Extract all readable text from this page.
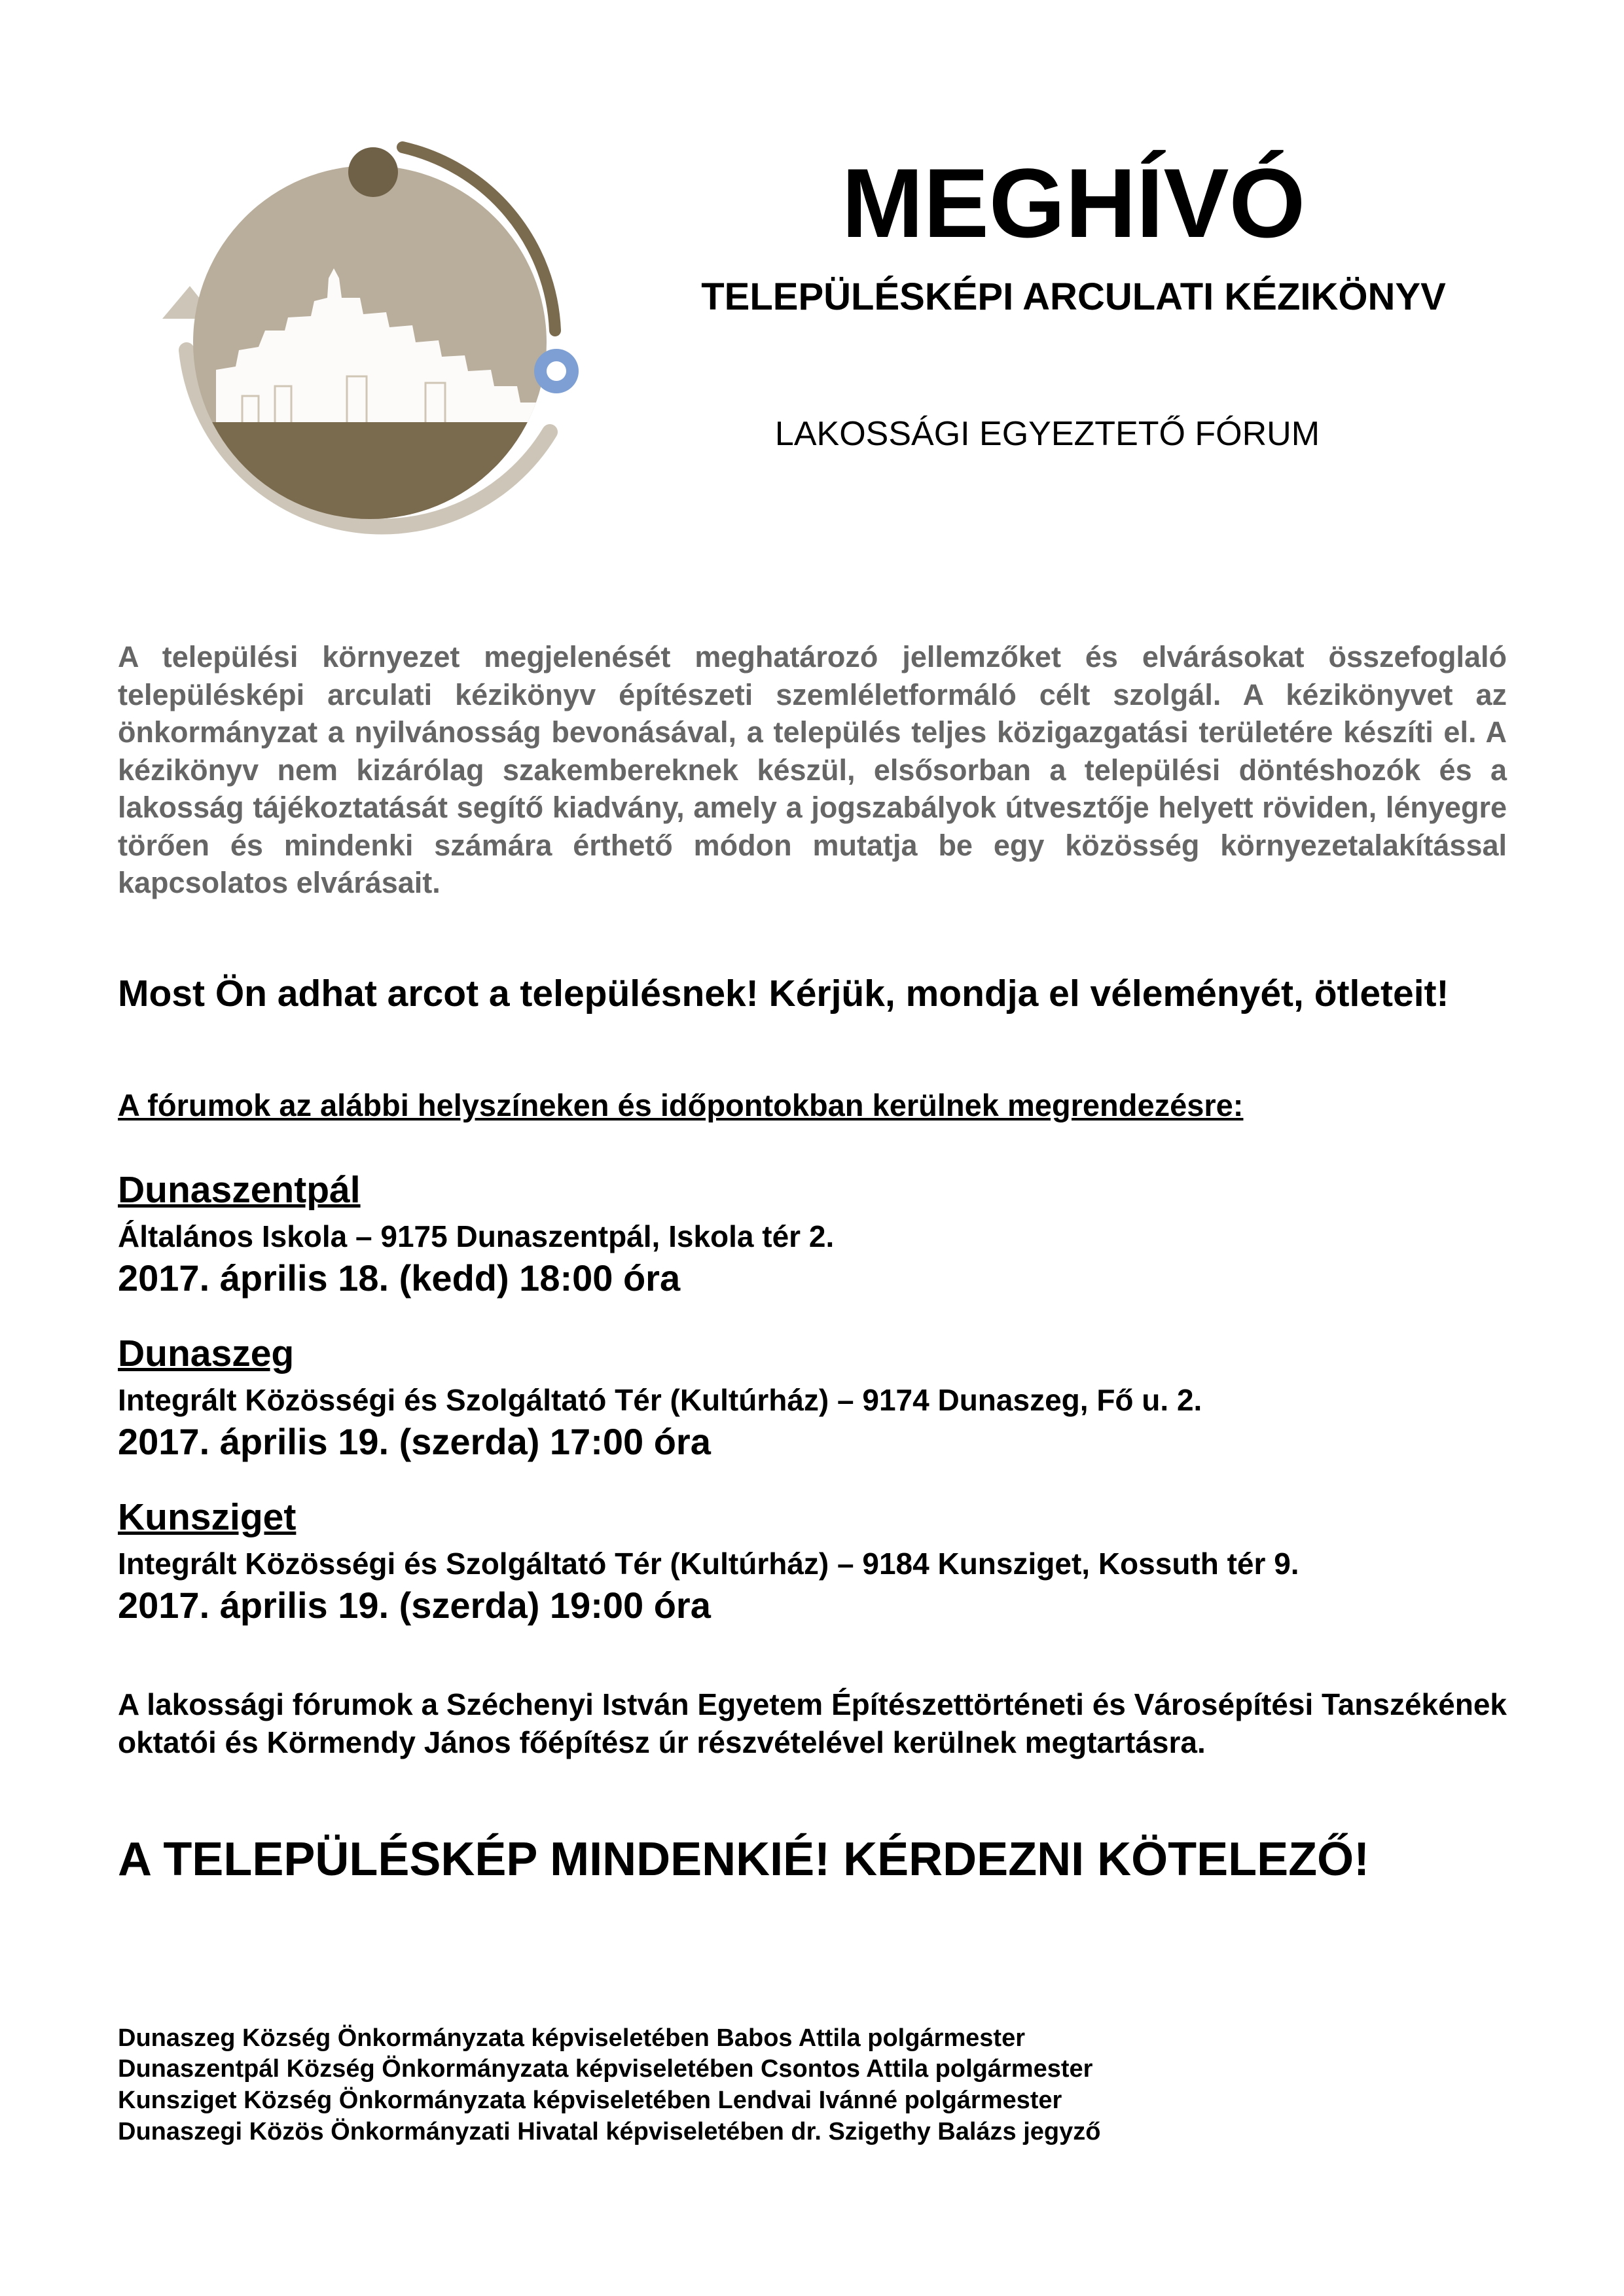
MEGHÍVÓ
TELEPÜLÉSKÉPI ARCULATI KÉZIKÖNYV
LAKOSSÁGI EGYEZTETŐ FÓRUM

A települési környezet megjelenését meghatározó jellemzőket és elvárásokat összefoglaló településképi arculati kézikönyv építészeti szemléletformáló célt szolgál. A kézikönyvet az önkormányzat a nyilvánosság bevonásával, a település teljes közigazgatási területére készíti el. A kézikönyv nem kizárólag szakembereknek készül, elsősorban a települési döntéshozók és a lakosság tájékoztatását segítő kiadvány, amely a jogszabályok útvesztője helyett röviden, lényegre törően és mindenki számára érthető módon mutatja be egy közösség környezetalakítással kapcsolatos elvárásait.

Most Ön adhat arcot a településnek! Kérjük, mondja el véleményét, ötleteit!
A fórumok az alábbi helyszíneken és időpontokban kerülnek megrendezésre:
Dunaszentpál
Általános Iskola – 9175 Dunaszentpál, Iskola tér 2.
2017. április 18. (kedd) 18:00 óra
Dunaszeg
Integrált Közösségi és Szolgáltató Tér (Kultúrház) – 9174 Dunaszeg, Fő u. 2.
2017. április 19. (szerda) 17:00 óra
Kunsziget
Integrált Közösségi és Szolgáltató Tér (Kultúrház) – 9184 Kunsziget, Kossuth tér 9.
2017. április 19. (szerda) 19:00 óra

A lakossági fórumok a Széchenyi István Egyetem Építészettörténeti és Városépítési Tanszékének oktatói és Körmendy János főépítész úr részvételével kerülnek megtartásra.

A TELEPÜLÉSKÉP MINDENKIÉ! KÉRDEZNI KÖTELEZŐ!
Dunaszeg Község Önkormányzata képviseletében Babos Attila polgármester
Dunaszentpál Község Önkormányzata képviseletében Csontos Attila polgármester
Kunsziget Község Önkormányzata képviseletében Lendvai Ivánné polgármester
Dunaszegi Közös Önkormányzati Hivatal képviseletében dr. Szigethy Balázs jegyző
